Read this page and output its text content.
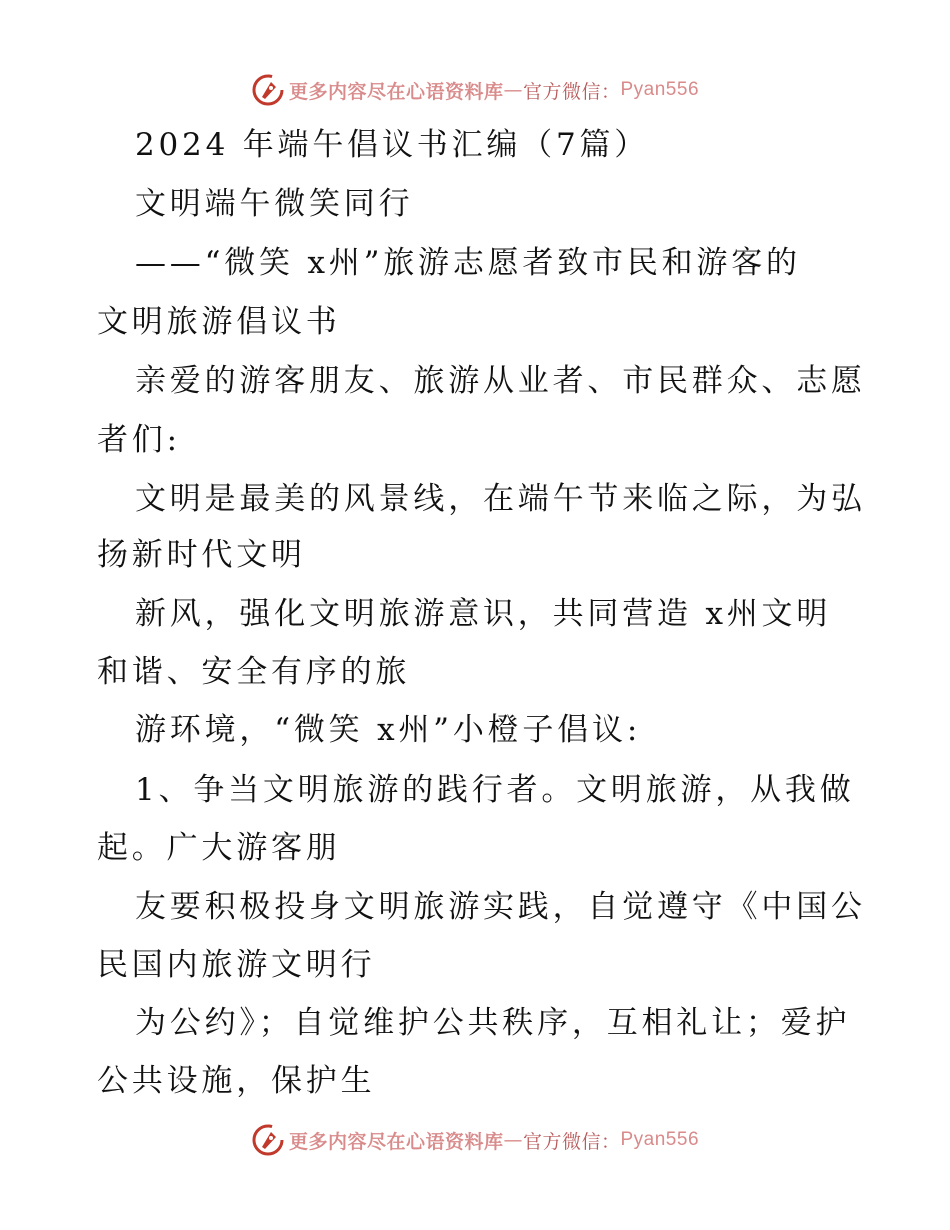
更多内容尽在心语资料库 — 官方微信： Pyan556
2024 年端午倡议书汇编（7篇）
文明端午微笑同行
——“微笑 x州”旅游志愿者致市民和游客的
文明旅游倡议书
亲爱的游客朋友、旅游从业者、市民群众、志愿
者们:
文明是最美的风景线，在端午节来临之际，为弘
扬新时代文明
新风，强化文明旅游意识，共同营造 x州文明
和谐、安全有序的旅
游环境，“微笑 x州”小橙子倡议:
1、争当文明旅游的践行者。文明旅游，从我做
起。广大游客朋
友要积极投身文明旅游实践，自觉遵守《中国公
民国内旅游文明行
为公约》；自觉维护公共秩序，互相礼让；爱护
公共设施，保护生
更多内容尽在心语资料库 — 官方微信： Pyan556
